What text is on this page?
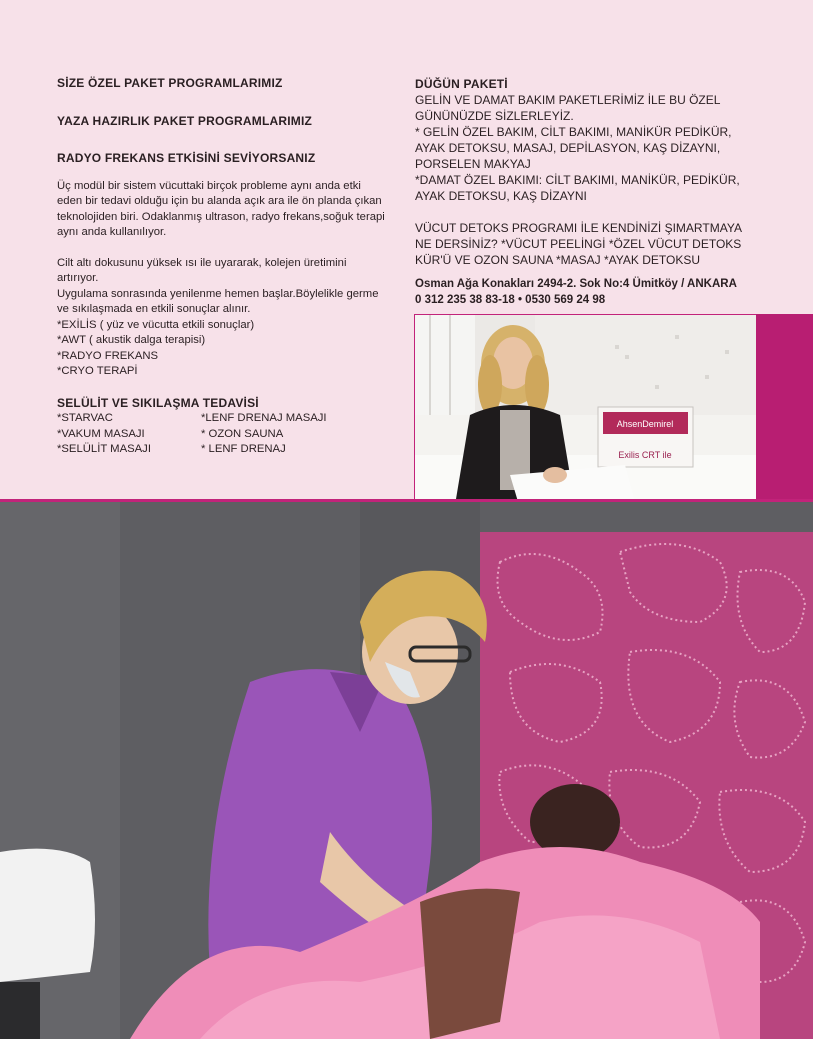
SİZE ÖZEL PAKET PROGRAMLARIMIZ
YAZA HAZIRLIK PAKET PROGRAMLARIMIZ
RADYO FREKANS ETKİSİNİ SEVİYORSANIZ
Üç modül bir sistem vücuttaki birçok probleme aynı anda etki eden bir tedavi olduğu için bu alanda açık ara ile ön planda çıkan teknolojiden biri. Odaklanmış ultrason, radyo frekans,soğuk terapi aynı anda kullanılıyor.
Cilt altı dokusunu yüksek ısı ile uyararak, kolejen üretimini artırıyor.
Uygulama sonrasında yenilenme hemen başlar.Böylelikle germe ve sıkılaşmada en etkili sonuçlar alınır.
*EXİLİS ( yüz ve vücutta etkili sonuçlar)
*AWT ( akustik dalga terapisi)
*RADYO FREKANS
*CRYO TERAPİ
SELÜLİT VE SIKILAŞMA TEDAVİSİ
*STARVAC
*VAKUM MASAJI
*SELÜLİT MASAJI
*LENF DRENAJ MASAJI
* OZON SAUNA
* LENF DRENAJ
DÜĞÜN PAKETİ
GELİN VE DAMAT BAKIM PAKETLERİMİZ İLE BU ÖZEL
GÜNÜNÜZDE SİZLERLEYİZ.
* GELİN ÖZEL BAKIM, CİLT BAKIMI, MANİKÜR PEDİKÜR,
AYAK DETOKSU, MASAJ, DEPİLASYON, KAŞ DİZAYNI,
PORSELEN MAKYAJ
*DAMAT ÖZEL BAKIMI: CİLT BAKIMI, MANİKÜR, PEDİKÜR,
AYAK DETOKSU, KAŞ DİZAYNI
VÜCUT DETOKS PROGRAMI İLE KENDİNİZİ ŞIMARTMAYA
NE DERSİNİZ? *VÜCUT PEELİNGİ *ÖZEL VÜCUT DETOKS
KÜR'Ü VE OZON SAUNA *MASAJ *AYAK DETOKSU
Osman Ağa Konakları 2494-2. Sok No:4 Ümitköy / ANKARA
0 312 235 38 83-18 • 0530 569 24 98
AhsenDemirel
Exilis CRT ile
